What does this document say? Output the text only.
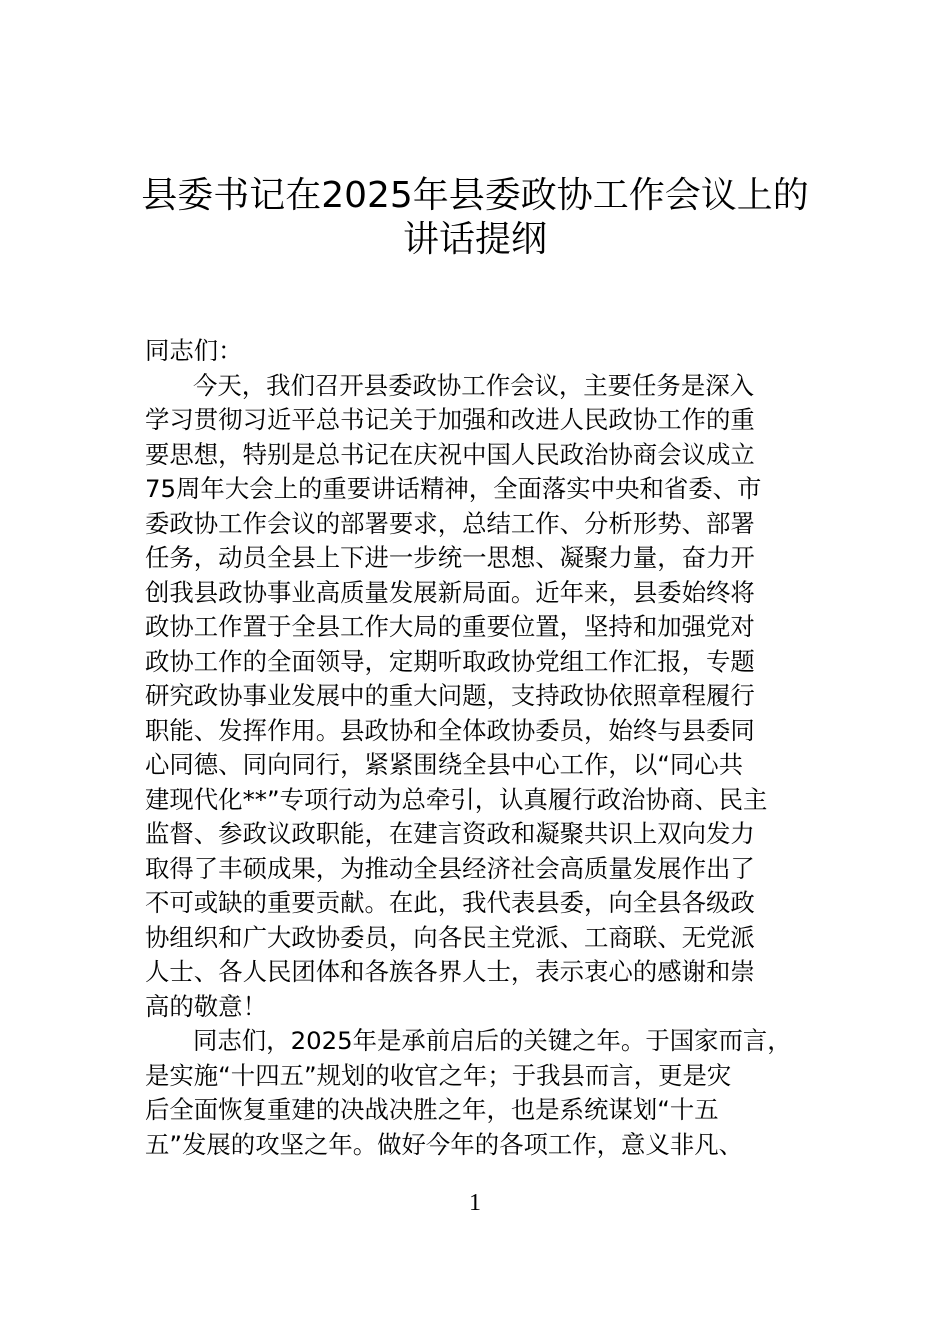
县委书记在2025年县委政协工作会议上的
讲话提纲
同志们：
今天，我们召开县委政协工作会议，主要任务是深入
学习贯彻习近平总书记关于加强和改进人民政协工作的重
要思想，特别是总书记在庆祝中国人民政治协商会议成立
75周年大会上的重要讲话精神，全面落实中央和省委、市
委政协工作会议的部署要求，总结工作、分析形势、部署
任务，动员全县上下进一步统一思想、凝聚力量，奋力开
创我县政协事业高质量发展新局面。近年来，县委始终将
政协工作置于全县工作大局的重要位置，坚持和加强党对
政协工作的全面领导，定期听取政协党组工作汇报，专题
研究政协事业发展中的重大问题，支持政协依照章程履行
职能、发挥作用。县政协和全体政协委员，始终与县委同
心同德、同向同行，紧紧围绕全县中心工作，以“同心共
建现代化**”专项行动为总牵引，认真履行政治协商、民主
监督、参政议政职能，在建言资政和凝聚共识上双向发力
取得了丰硕成果，为推动全县经济社会高质量发展作出了
不可或缺的重要贡献。在此，我代表县委，向全县各级政
协组织和广大政协委员，向各民主党派、工商联、无党派
人士、各人民团体和各族各界人士，表示衷心的感谢和崇
高的敬意！
同志们，2025年是承前启后的关键之年。于国家而言，
是实施“十四五”规划的收官之年；于我县而言，更是灾
后全面恢复重建的决战决胜之年，也是系统谋划“十五
五”发展的攻坚之年。做好今年的各项工作，意义非凡、
1
